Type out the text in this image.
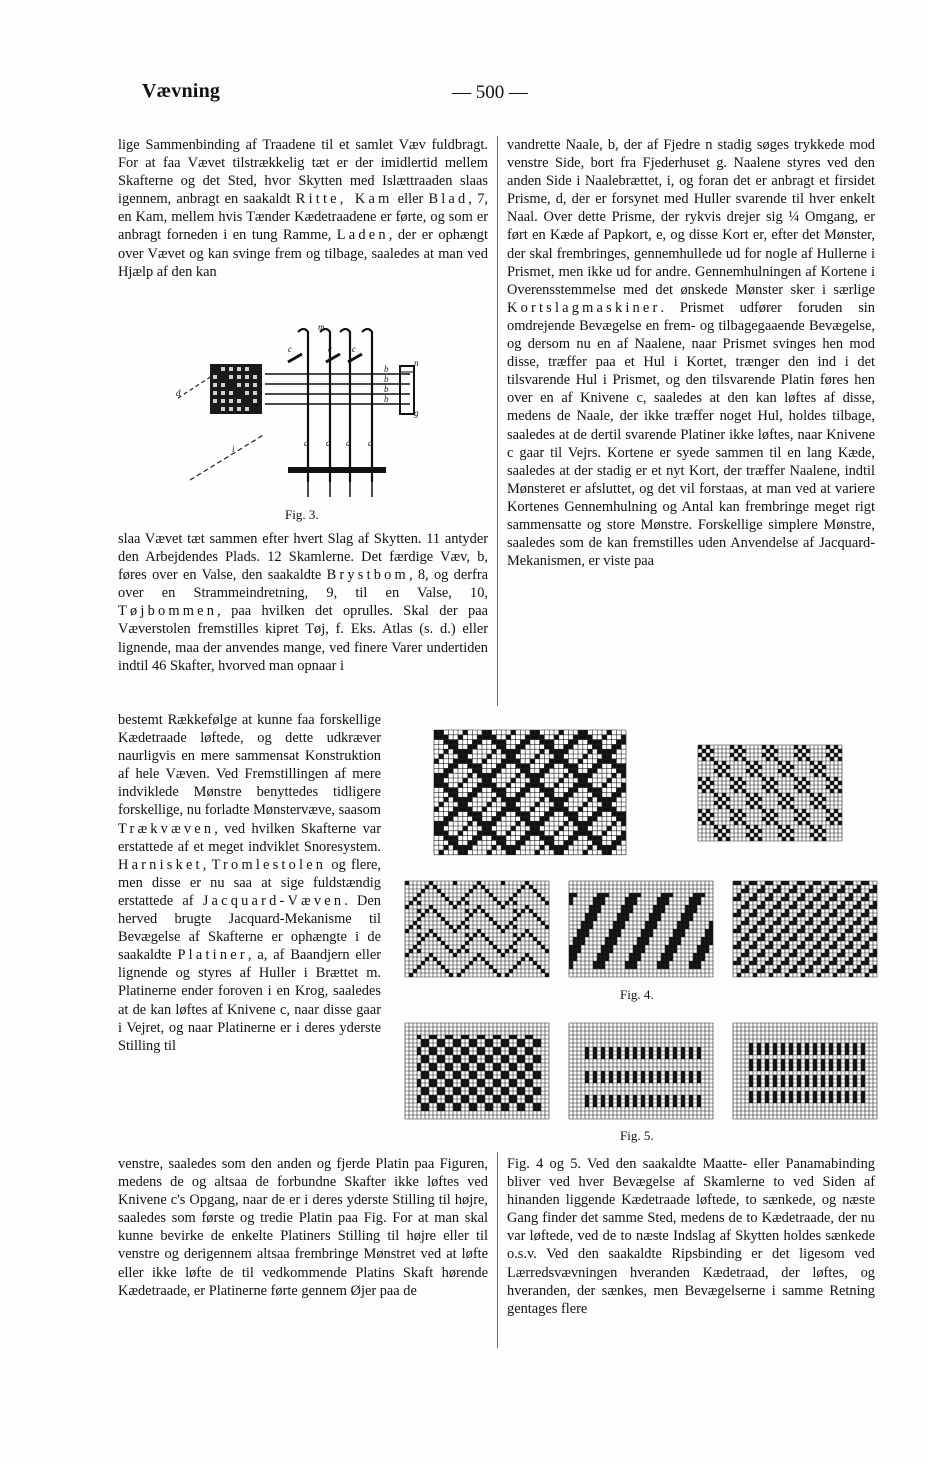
Vævning	— 500 —

lige Sammenbinding af Traadene til et samlet Væv fuldbragt. For at faa Vævet tilstrækkelig tæt er der imidlertid mellem Skafterne og det Sted, hvor Skytten med Islættraaden slaas igennem, anbragt en saakaldt Ritte, Kam eller Blad, 7, en Kam, mellem hvis Tænder Kædetraadene er førte, og som er anbragt forneden i en tung Ramme, Laden, der er ophængt over Vævet og kan svinge frem og tilbage, saaledes at man ved Hjælp af den kan

m
c	c c
n
b
b
b
b
d
a a a a
g
i
Fig. 3.

slaa Vævet tæt sammen efter hvert Slag af Skytten. 11 antyder den Arbejdendes Plads. 12 Skamlerne. Det færdige Væv, b, føres over en Valse, den saakaldte Brystbom, 8, og derfra over en Strammeindretning, 9, til en Valse, 10, Tøjbommen, paa hvilken det oprulles. Skal der paa Væverstolen fremstilles kipret Tøj, f. Eks. Atlas (s. d.) eller lignende, maa der anvendes mange, ved finere Varer undertiden indtil 46 Skafter, hvorved man opnaar i

bestemt Rækkefølge at kunne faa forskellige Kædetraade løftede, og dette udkræver naurligvis en mere sammensat Konstruktion af hele Væven. Ved Fremstillingen af mere indviklede Mønstre benyttedes tidligere forskellige, nu forladte Mønstervæve, saasom Trækvæven, ved hvilken Skafterne var erstattede af et meget indviklet Snoresystem. Harnisket, Tromlestolen og flere, men disse er nu saa at sige fuldstændig erstattede af Jacquard-Væven. Den herved brugte Jacquard-Mekanisme til Bevægelse af Skafterne er ophængte i de saakaldte Platiner, a, af Baandjern eller lignende og styres af Huller i Brættet m. Platinerne ender foroven i en Krog, saaledes at de kan løftes af Knivene c, naar disse gaar i Vejret, og naar Platinerne er i deres yderste Stilling til

venstre, saaledes som den anden og fjerde Platin paa Figuren, medens de og altsaa de forbundne Skafter ikke løftes ved Knivene c's Opgang, naar de er i deres yderste Stilling til højre, saaledes som første og tredie Platin paa Fig. For at man skal kunne bevirke de enkelte Platiners Stilling til højre eller til venstre og derigennem altsaa frembringe Mønstret ved at løfte eller ikke løfte de til vedkommende Platins Skaft hørende Kædetraade, er Platinerne førte gennem Øjer paa de

vandrette Naale, b, der af Fjedre n stadig søges trykkede mod venstre Side, bort fra Fjederhuset g. Naalene styres ved den anden Side i Naalebrættet, i, og foran det er anbragt et firsidet Prisme, d, der er forsynet med Huller svarende til hver enkelt Naal. Over dette Prisme, der rykvis drejer sig ¼ Omgang, er ført en Kæde af Papkort, e, og disse Kort er, efter det Mønster, der skal frembringes, gennemhullede ud for nogle af Hullerne i Prismet, men ikke ud for andre. Gennemhulningen af Kortene i Overensstemmelse med det ønskede Mønster sker i særlige Kortslagmaskiner. Prismet udfører foruden sin omdrejende Bevægelse en frem- og tilbagegaaende Bevægelse, og dersom nu en af Naalene, naar Prismet svinges hen mod disse, træffer paa et Hul i Kortet, trænger den ind i det tilsvarende Hul i Prismet, og den tilsvarende Platin føres hen over en af Knivene c, saaledes at den kan løftes af disse, medens de Naale, der ikke træffer noget Hul, holdes tilbage, saaledes at de dertil svarende Platiner ikke løftes, naar Knivene c gaar til Vejrs. Kortene er syede sammen til en lang Kæde, saaledes at der stadig er et nyt Kort, der træffer Naalene, indtil Mønsteret er afsluttet, og det vil forstaas, at man ved at variere Kortenes Gennemhulning og Antal kan frembringe meget rigt sammensatte og store Mønstre. Forskellige simplere Mønstre, saaledes som de kan fremstilles uden Anvendelse af Jacquard-Mekanismen, er viste paa

Fig. 4.
Fig. 5.

Fig. 4 og 5. Ved den saakaldte Maatte- eller Panamabinding bliver ved hver Bevægelse af Skamlerne to ved Siden af hinanden liggende Kædetraade løftede, to sænkede, og næste Gang finder det samme Sted, medens de to Kædetraade, der nu var løftede, ved de to næste Indslag af Skytten holdes sænkede o.s.v. Ved den saakaldte Ripsbinding er det ligesom ved Lærredsvævningen hveranden Kædetraad, der løftes, og hveranden, der sænkes, men Bevægelserne i samme Retning gentages flere
